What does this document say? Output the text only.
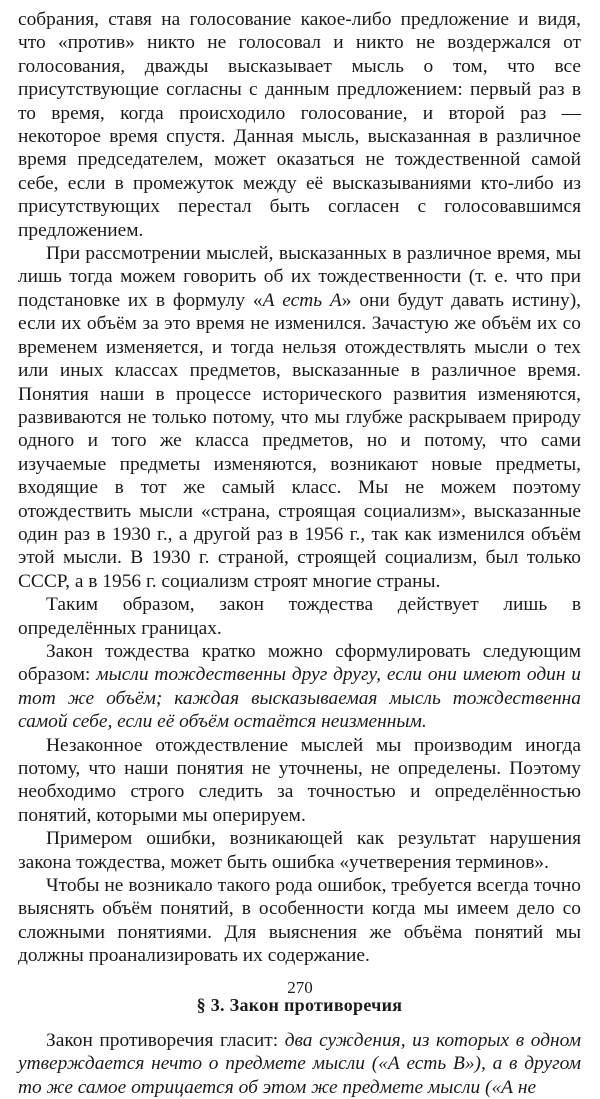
собрания, ставя на голосование какое-либо предложение и видя, что «против» никто не голосовал и никто не воздержался от голосования, дважды высказывает мысль о том, что все присутствующие согласны с данным предложением: первый раз в то время, когда происходило голосование, и второй раз — некоторое время спустя. Данная мысль, высказанная в различное время председателем, может оказаться не тождественной самой себе, если в промежуток между её высказываниями кто-либо из присутствующих перестал быть согласен с голосовавшимся предложением.

При рассмотрении мыслей, высказанных в различное время, мы лишь тогда можем говорить об их тождественности (т. е. что при подстановке их в формулу «А есть А» они будут давать истину), если их объём за это время не изменился. Зачастую же объём их со временем изменяется, и тогда нельзя отождествлять мысли о тех или иных классах предметов, высказанные в различное время. Понятия наши в процессе исторического развития изменяются, развиваются не только потому, что мы глубже раскрываем природу одного и того же класса предметов, но и потому, что сами изучаемые предметы изменяются, возникают новые предметы, входящие в тот же самый класс. Мы не можем поэтому отождествить мысли «страна, строящая социализм», высказанные один раз в 1930 г., а другой раз в 1956 г., так как изменился объём этой мысли. В 1930 г. страной, строящей социализм, был только СССР, а в 1956 г. социализм строят многие страны.

Таким образом, закон тождества действует лишь в определённых границах.

Закон тождества кратко можно сформулировать следующим образом: мысли тождественны друг другу, если они имеют один и тот же объём; каждая высказываемая мысль тождественна самой себе, если её объём остаётся неизменным.

Незаконное отождествление мыслей мы производим иногда потому, что наши понятия не уточнены, не определены. Поэтому необходимо строго следить за точностью и определённостью понятий, которыми мы оперируем.

Примером ошибки, возникающей как результат нарушения закона тождества, может быть ошибка «учетверения терминов».

Чтобы не возникало такого рода ошибок, требуется всегда точно выяснять объём понятий, в особенности когда мы имеем дело со сложными понятиями. Для выяснения же объёма понятий мы должны проанализировать их содержание.

§ 3. Закон противоречия

Закон противоречия гласит: два суждения, из которых в одном утверждается нечто о предмете мысли («А есть В»), а в другом то же самое отрицается об этом же предмете мысли («А не

270
